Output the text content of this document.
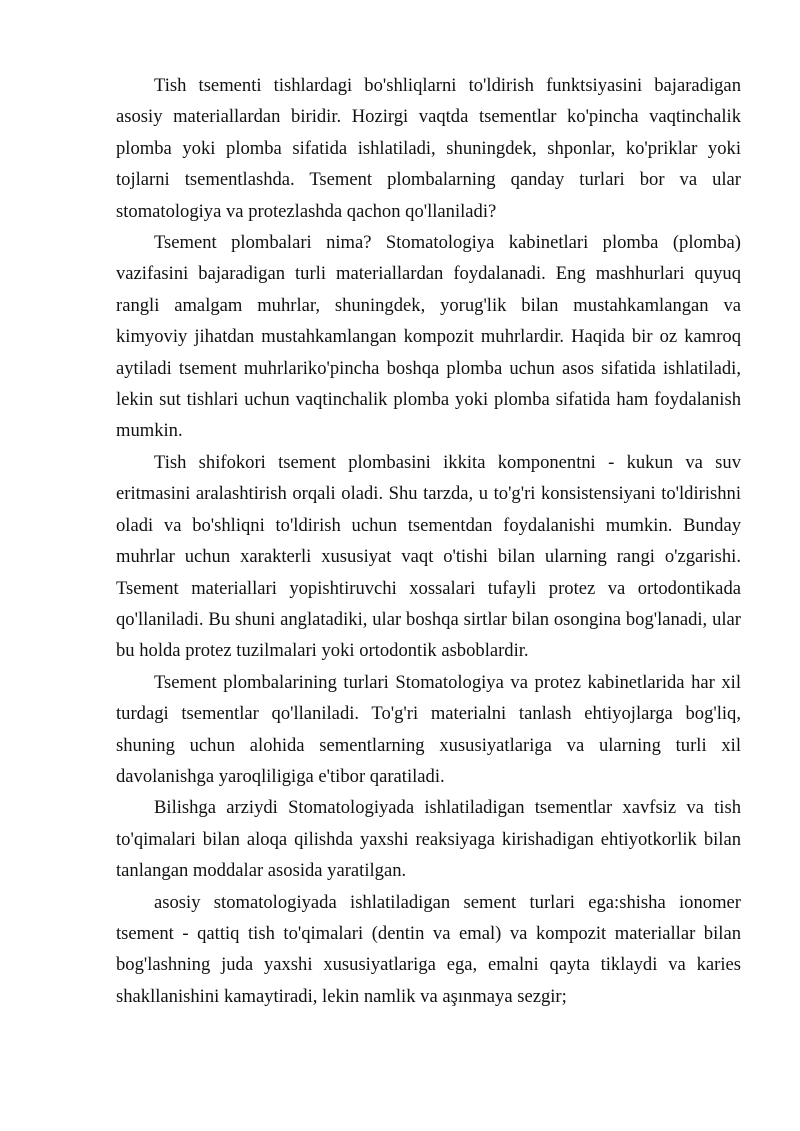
Tish tsementi tishlardagi bo'shliqlarni to'ldirish funktsiyasini bajaradigan asosiy materiallardan biridir. Hozirgi vaqtda tsementlar ko'pincha vaqtinchalik plomba yoki plomba sifatida ishlatiladi, shuningdek, shponlar, ko'priklar yoki tojlarni tsementlashda. Tsement plombalarning qanday turlari bor va ular stomatologiya va protezlashda qachon qo'llaniladi?

Tsement plombalari nima? Stomatologiya kabinetlari plomba (plomba) vazifasini bajaradigan turli materiallardan foydalanadi. Eng mashhurlari quyuq rangli amalgam muhrlar, shuningdek, yorug'lik bilan mustahkamlangan va kimyoviy jihatdan mustahkamlangan kompozit muhrlardir. Haqida bir oz kamroq aytiladi tsement muhrlariko'pincha boshqa plomba uchun asos sifatida ishlatiladi, lekin sut tishlari uchun vaqtinchalik plomba yoki plomba sifatida ham foydalanish mumkin.

Tish shifokori tsement plombasini ikkita komponentni - kukun va suv eritmasini aralashtirish orqali oladi. Shu tarzda, u to'g'ri konsistensiyani to'ldirishni oladi va bo'shliqni to'ldirish uchun tsementdan foydalanishi mumkin. Bunday muhrlar uchun xarakterli xususiyat vaqt o'tishi bilan ularning rangi o'zgarishi. Tsement materiallari yopishtiruvchi xossalari tufayli protez va ortodontikada qo'llaniladi. Bu shuni anglatadiki, ular boshqa sirtlar bilan osongina bog'lanadi, ular bu holda protez tuzilmalari yoki ortodontik asboblardir.

Tsement plombalarining turlari Stomatologiya va protez kabinetlarida har xil turdagi tsementlar qo'llaniladi. To'g'ri materialni tanlash ehtiyojlarga bog'liq, shuning uchun alohida sementlarning xususiyatlariga va ularning turli xil davolanishga yaroqliligiga e'tibor qaratiladi.

Bilishga arziydi Stomatologiyada ishlatiladigan tsementlar xavfsiz va tish to'qimalari bilan aloqa qilishda yaxshi reaksiyaga kirishadigan ehtiyotkorlik bilan tanlangan moddalar asosida yaratilgan.

asosiy stomatologiyada ishlatiladigan sement turlari ega:shisha ionomer tsement - qattiq tish to'qimalari (dentin va emal) va kompozit materiallar bilan bog'lashning juda yaxshi xususiyatlariga ega, emalni qayta tiklaydi va karies shakllanishini kamaytiradi, lekin namlik va aşınmaya sezgir;
